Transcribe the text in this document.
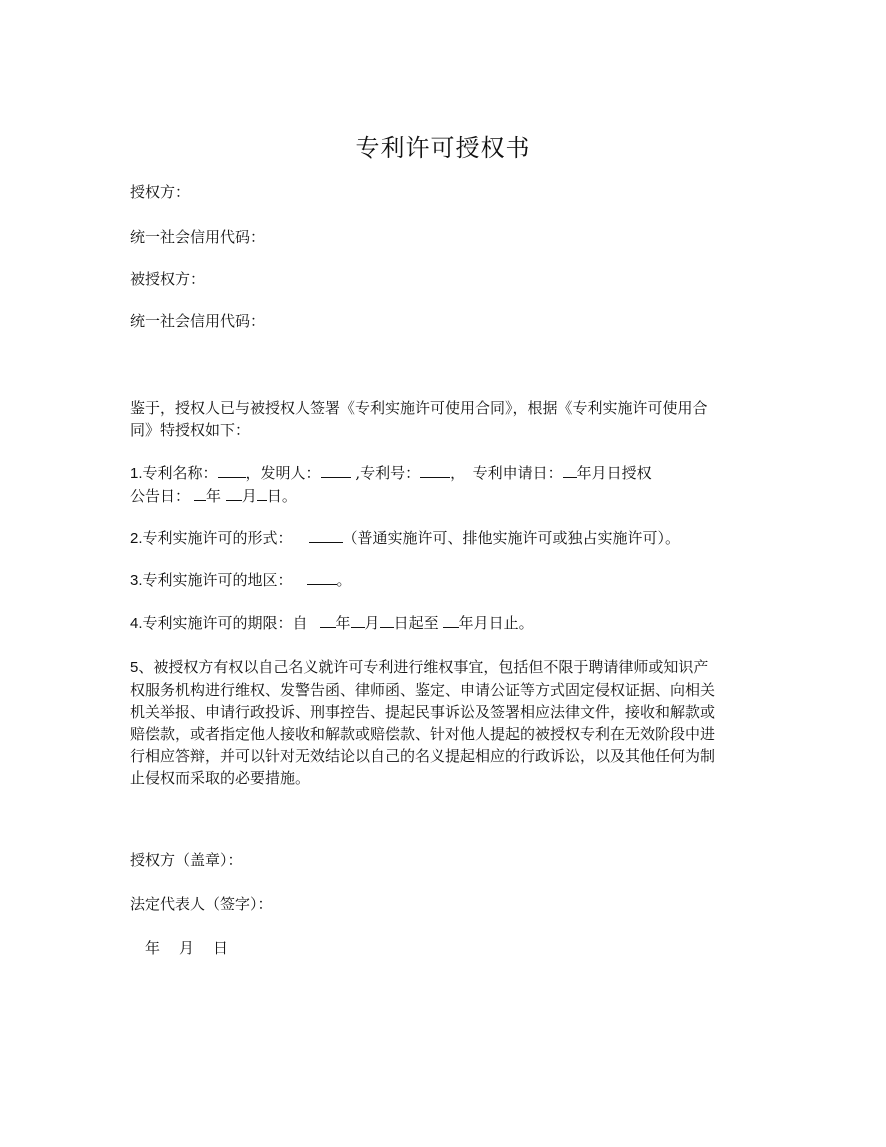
专利许可授权书
授权方：
统一社会信用代码：
被授权方：
统一社会信用代码：
鉴于，授权人已与被授权人签署《专利实施许可使用合同》，根据《专利实施许可使用合同》特授权如下：
1.专利名称： ，发明人： ,专利号： ，　专利申请日： 年月日授权
公告日： 年 月 日。
2.专利实施许可的形式：	（普通实施许可、排他实施许可或独占实施许可）。
3.专利实施许可的地区：	。
4.专利实施许可的期限：自 年 月 日起至 年月日止。
5、被授权方有权以自己名义就许可专利进行维权事宜，包括但不限于聘请律师或知识产权服务机构进行维权、发警告函、律师函、鉴定、申请公证等方式固定侵权证据、向相关机关举报、申请行政投诉、刑事控告、提起民事诉讼及签署相应法律文件，接收和解款或赔偿款，或者指定他人接收和解款或赔偿款、针对他人提起的被授权专利在无效阶段中进行相应答辩，并可以针对无效结论以自己的名义提起相应的行政诉讼，以及其他任何为制止侵权而采取的必要措施。
授权方（盖章）：
法定代表人（签字）：
年　月　日
